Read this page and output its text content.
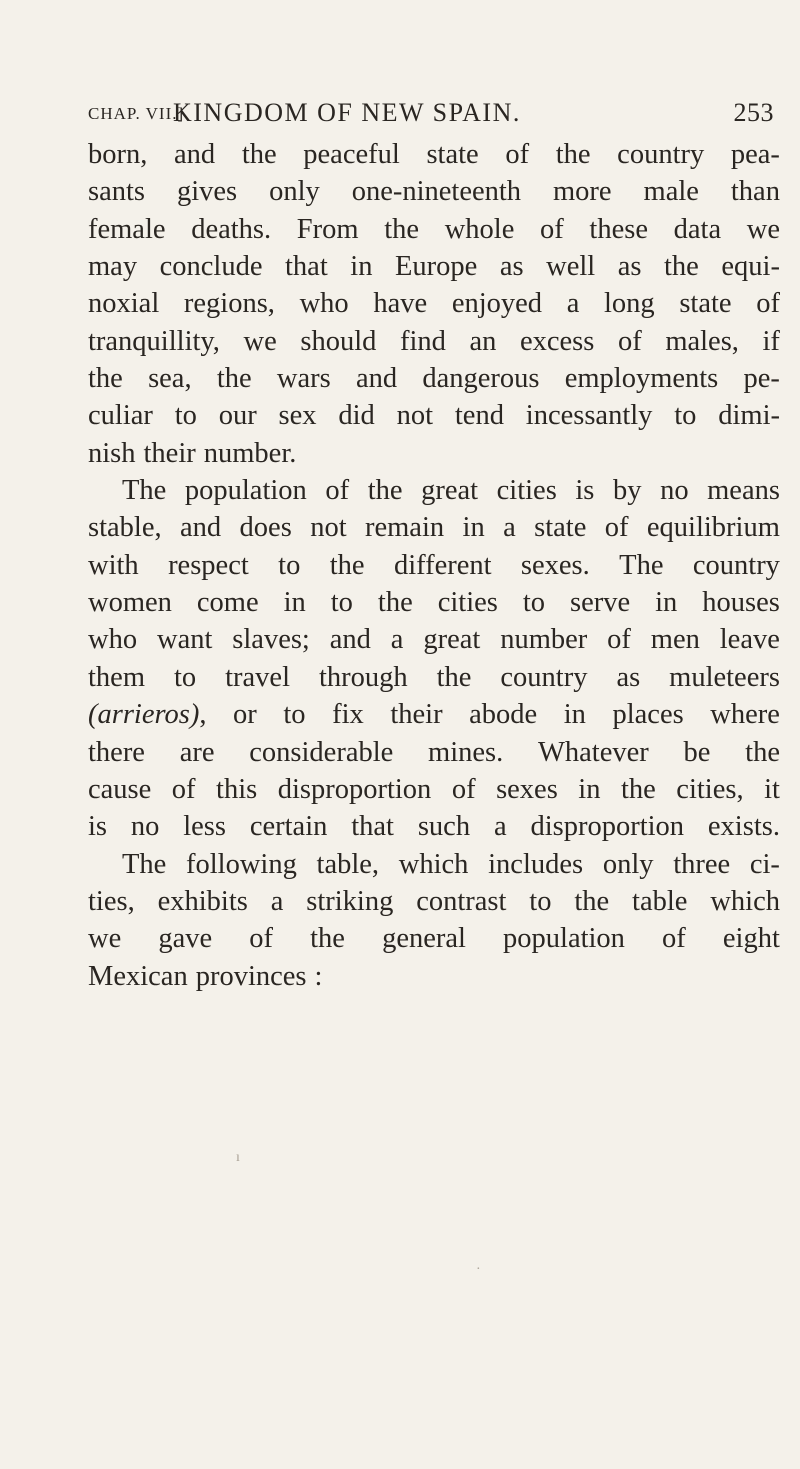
CHAP. VII.]
KINGDOM OF NEW SPAIN.	253
born, and the peaceful state of the country pea-
sants gives only one-nineteenth more male than
female deaths. From the whole of these data we
may conclude that in Europe as well as the equi-
noxial regions, who have enjoyed a long state of
tranquillity, we should find an excess of males, if
the sea, the wars and dangerous employments pe-
culiar to our sex did not tend incessantly to dimi-
nish their number.
The population of the great cities is by no means
stable, and does not remain in a state of equilibrium
with respect to the different sexes. The country
women come in to the cities to serve in houses
who want slaves; and a great number of men leave
them to travel through the country as muleteers
(arrieros), or to fix their abode in places where
there are considerable mines. Whatever be the
cause of this disproportion of sexes in the cities, it
is no less certain that such a disproportion exists.
The following table, which includes only three ci-
ties, exhibits a striking contrast to the table which
we gave of the general population of eight
Mexican provinces :
ı
·
